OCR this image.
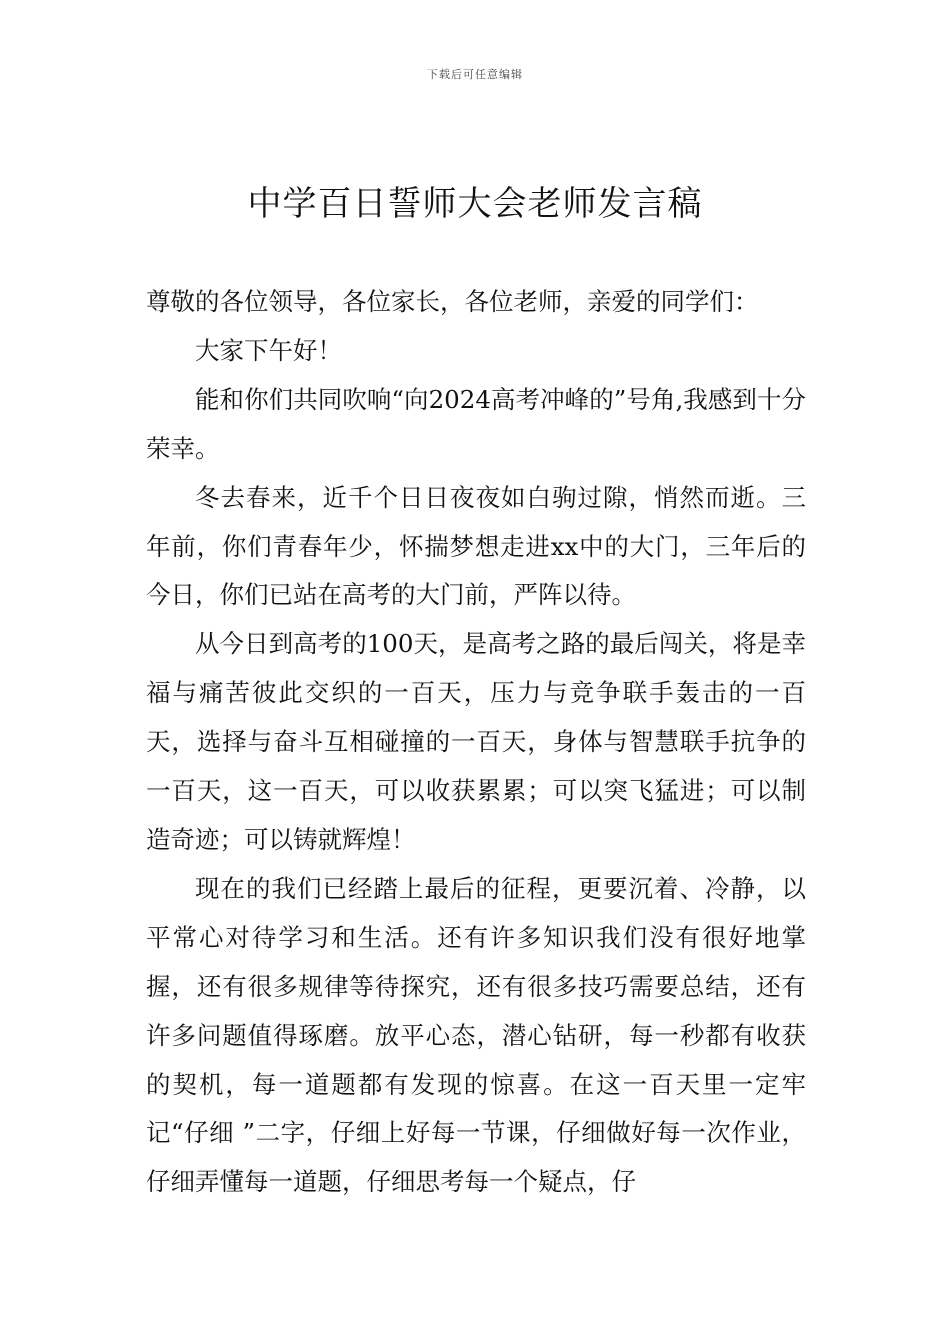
下载后可任意编辑
中学百日誓师大会老师发言稿

尊敬的各位领导，各位家长，各位老师，亲爱的同学们：

大家下午好！

能和你们共同吹响“向2024高考冲峰的”号角,我感到十分荣幸。

冬去春来，近千个日日夜夜如白驹过隙，悄然而逝。三年前，你们青春年少，怀揣梦想走进xx中的大门，三年后的今日，你们已站在高考的大门前，严阵以待。

从今日到高考的100天，是高考之路的最后闯关，将是幸福与痛苦彼此交织的一百天，压力与竞争联手轰击的一百天，选择与奋斗互相碰撞的一百天，身体与智慧联手抗争的一百天，这一百天，可以收获累累；可以突飞猛进；可以制造奇迹；可以铸就辉煌！

现在的我们已经踏上最后的征程，更要沉着、冷静，以平常心对待学习和生活。还有许多知识我们没有很好地掌握，还有很多规律等待探究，还有很多技巧需要总结，还有许多问题值得琢磨。放平心态，潜心钻研，每一秒都有收获的契机，每一道题都有发现的惊喜。在这一百天里一定牢记“仔细 ”二字，仔细上好每一节课，仔细做好每一次作业，仔细弄懂每一道题，仔细思考每一个疑点，仔
